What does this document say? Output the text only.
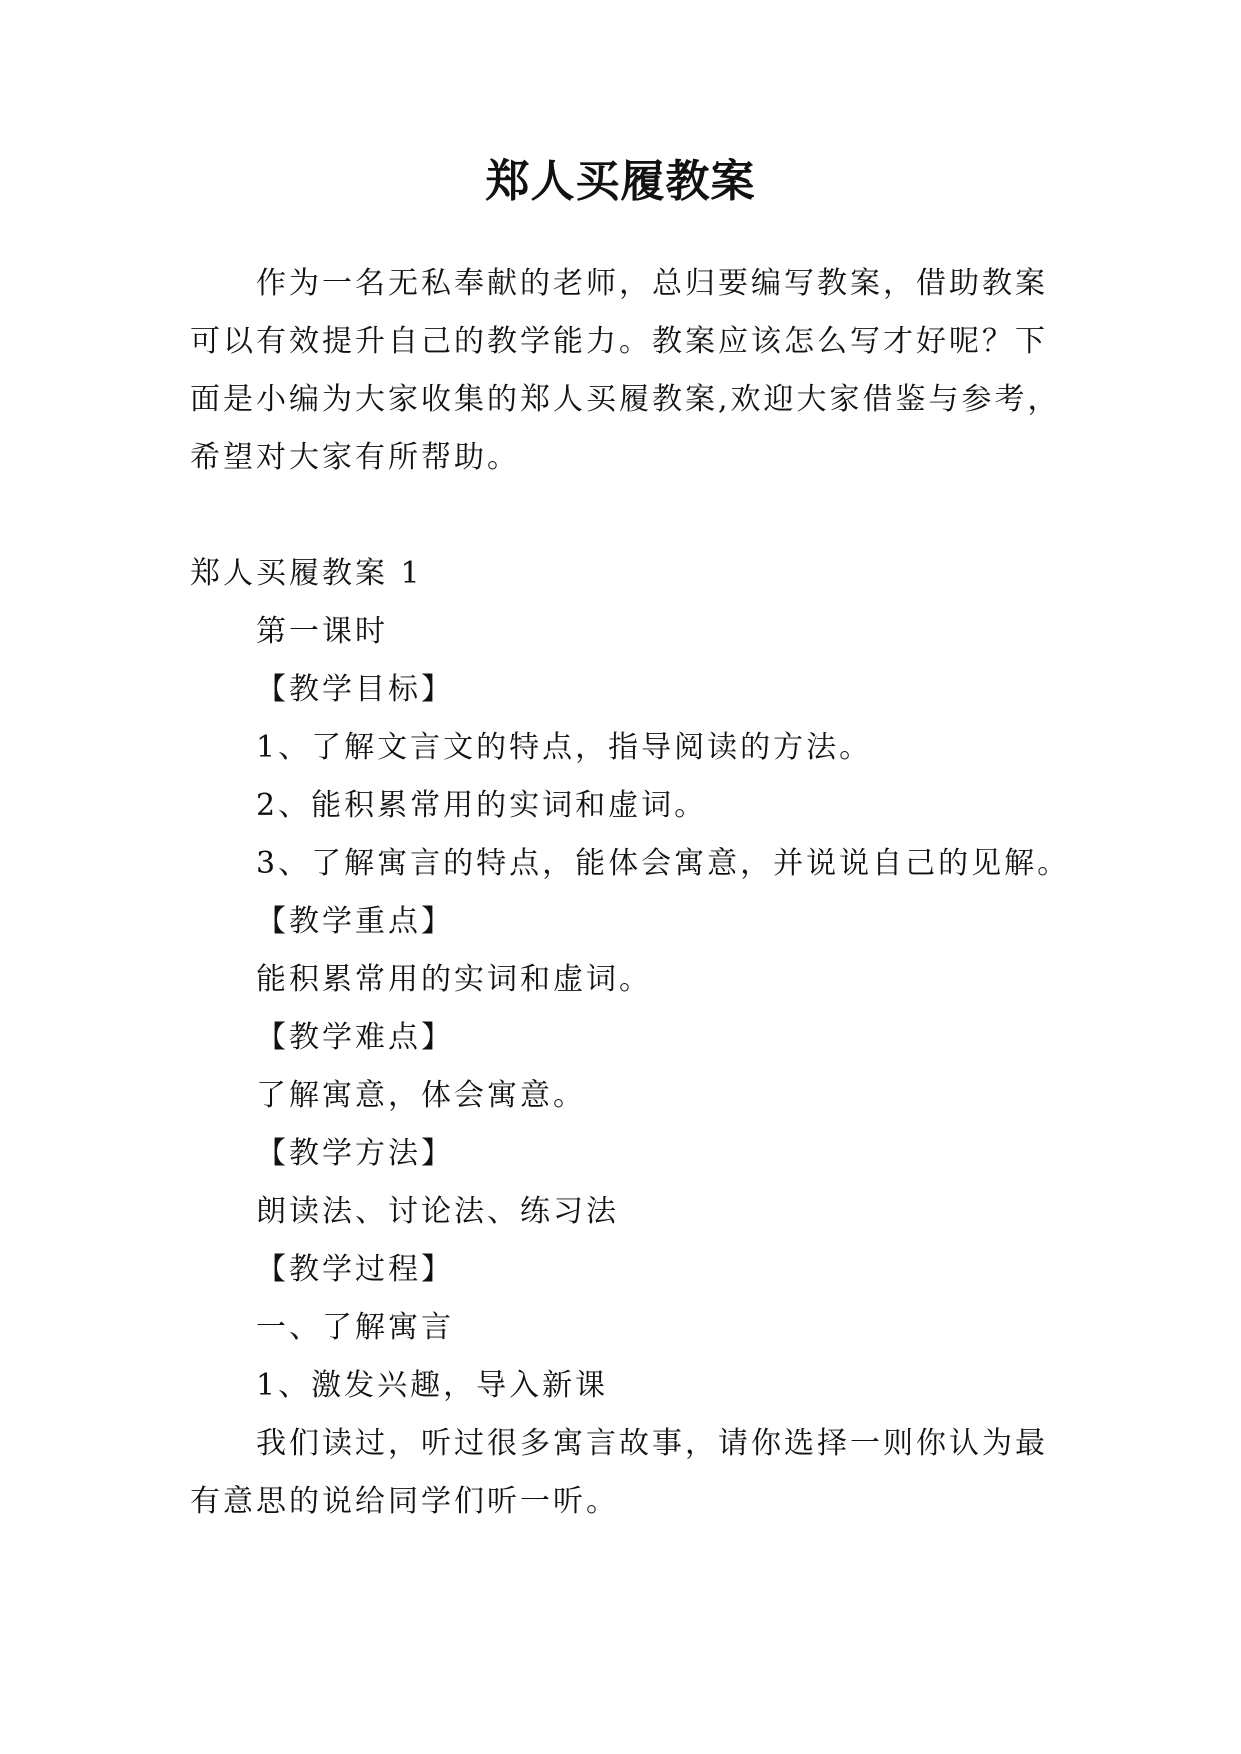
郑人买履教案
作为一名无私奉献的老师，总归要编写教案，借助教案
可以有效提升自己的教学能力。教案应该怎么写才好呢？下
面是小编为大家收集的郑人买履教案,欢迎大家借鉴与参考，
希望对大家有所帮助。
郑人买履教案 1
第一课时
【教学目标】
1、了解文言文的特点，指导阅读的方法。
2、能积累常用的实词和虚词。
3、了解寓言的特点，能体会寓意，并说说自己的见解。
【教学重点】
能积累常用的实词和虚词。
【教学难点】
了解寓意，体会寓意。
【教学方法】
朗读法、讨论法、练习法
【教学过程】
一、了解寓言
1、激发兴趣，导入新课
我们读过，听过很多寓言故事，请你选择一则你认为最
有意思的说给同学们听一听。
